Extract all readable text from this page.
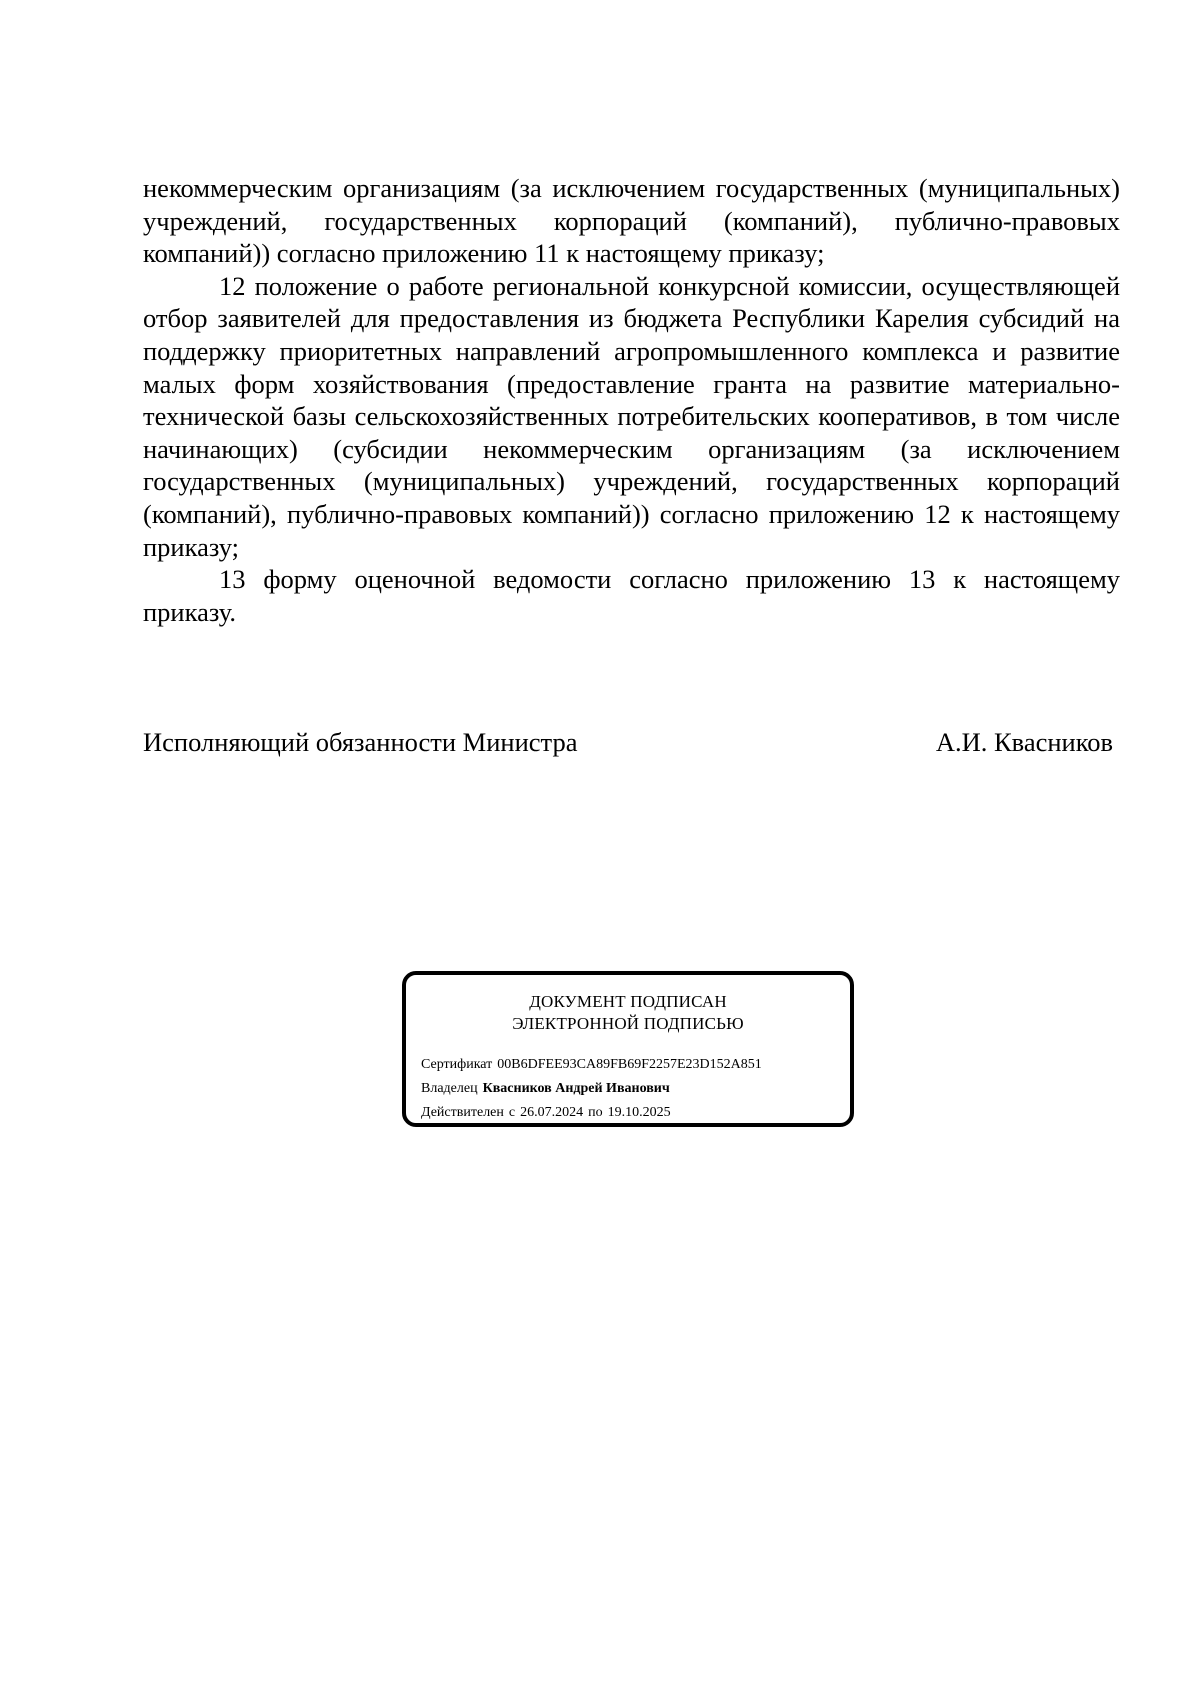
некоммерческим организациям (за исключением государственных (муниципальных) учреждений, государственных корпораций (компаний), публично-правовых компаний)) согласно приложению 11 к настоящему приказу;

12 положение о работе региональной конкурсной комиссии, осуществляющей отбор заявителей для предоставления из бюджета Республики Карелия субсидий на поддержку приоритетных направлений агропромышленного комплекса и развитие малых форм хозяйствования (предоставление гранта на развитие материально-технической базы сельскохозяйственных потребительских кооперативов, в том числе начинающих) (субсидии некоммерческим организациям (за исключением государственных (муниципальных) учреждений, государственных корпораций (компаний), публично-правовых компаний)) согласно приложению 12 к настоящему приказу;

13 форму оценочной ведомости согласно приложению 13 к настоящему приказу.

Исполняющий обязанности Министра	А.И. Квасников
ДОКУМЕНТ ПОДПИСАН
ЭЛЕКТРОННОЙ ПОДПИСЬЮ
Сертификат 00B6DFEE93CA89FB69F2257E23D152A851
Владелец Квасников Андрей Иванович
Действителен с 26.07.2024 по 19.10.2025
